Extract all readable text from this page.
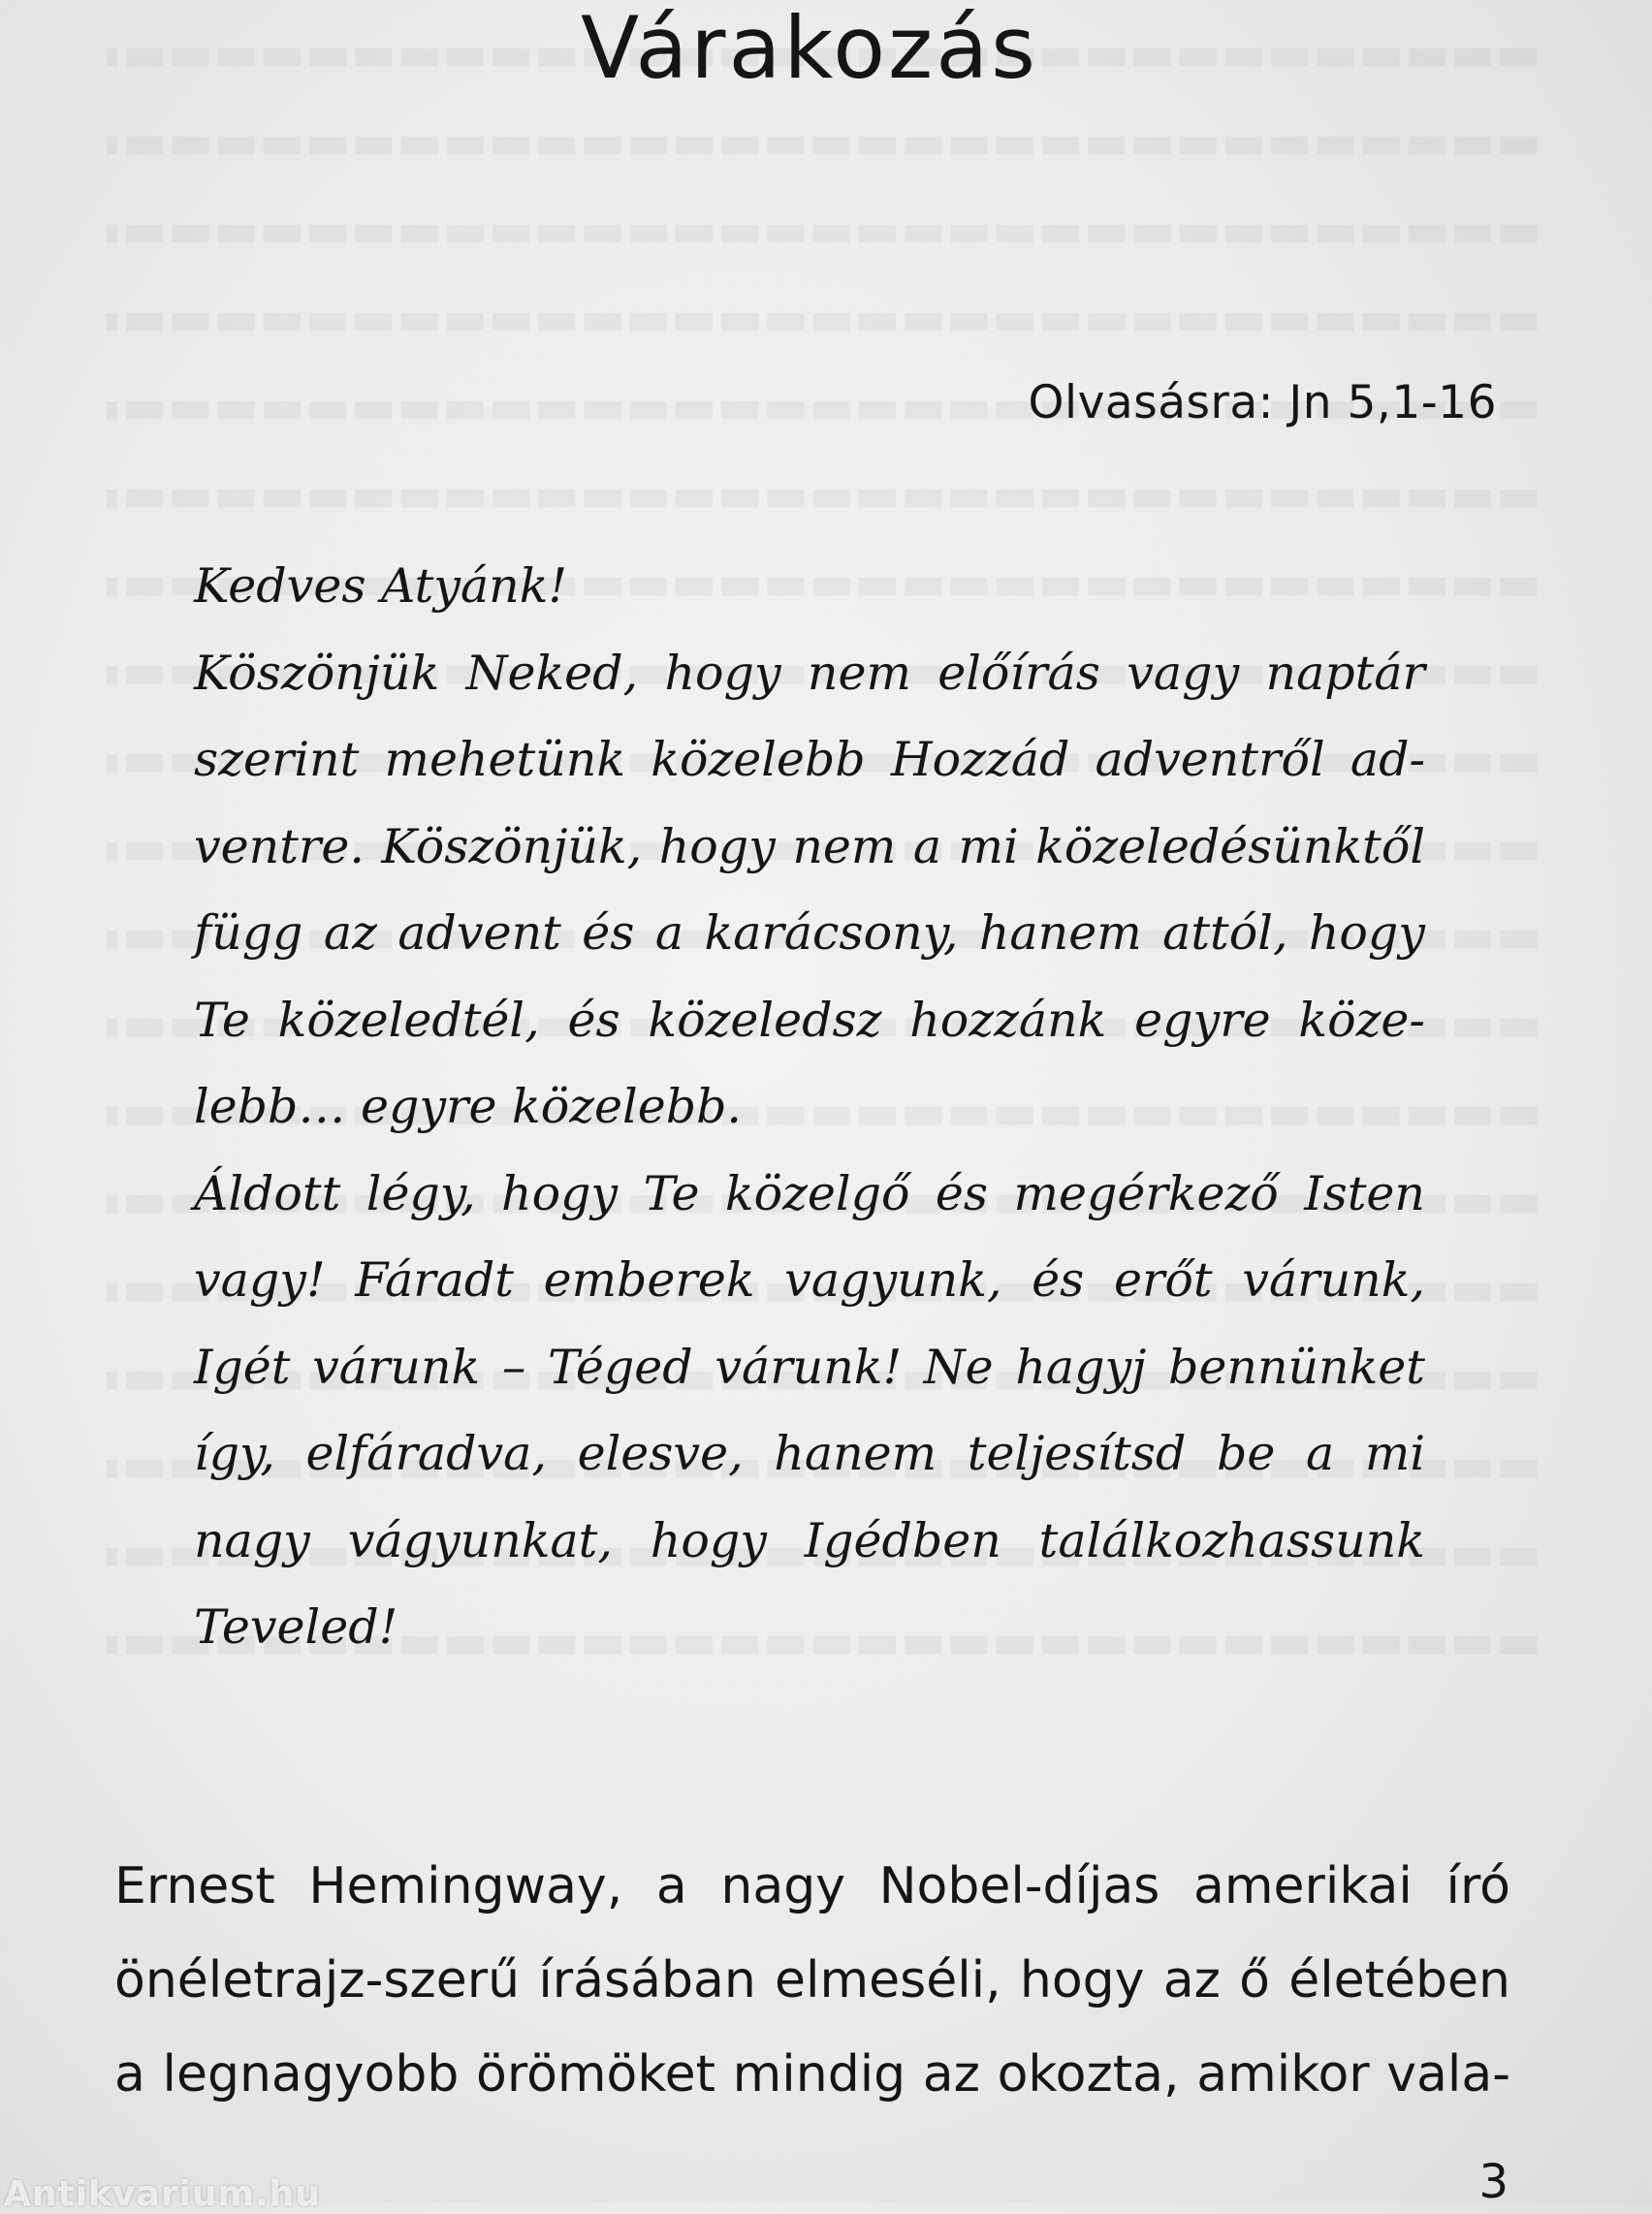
Várakozás
Olvasásra: Jn 5,1-16
Kedves Atyánk!
Köszönjük Neked, hogy nem előírás vagy naptár
szerint mehetünk közelebb Hozzád adventről ad-
ventre. Köszönjük, hogy nem a mi közeledésünktől
függ az advent és a karácsony, hanem attól, hogy
Te közeledtél, és közeledsz hozzánk egyre köze-
lebb… egyre közelebb.
Áldott légy, hogy Te közelgő és megérkező Isten
vagy! Fáradt emberek vagyunk, és erőt várunk,
Igét várunk – Téged várunk! Ne hagyj bennünket
így, elfáradva, elesve, hanem teljesítsd be a mi
nagy vágyunkat, hogy Igédben találkozhassunk
Teveled!
Ernest Hemingway, a nagy Nobel-díjas amerikai író
önéletrajz-szerű írásában elmeséli, hogy az ő életében
a legnagyobb örömöket mindig az okozta, amikor vala-
3
Antikvarium.hu
